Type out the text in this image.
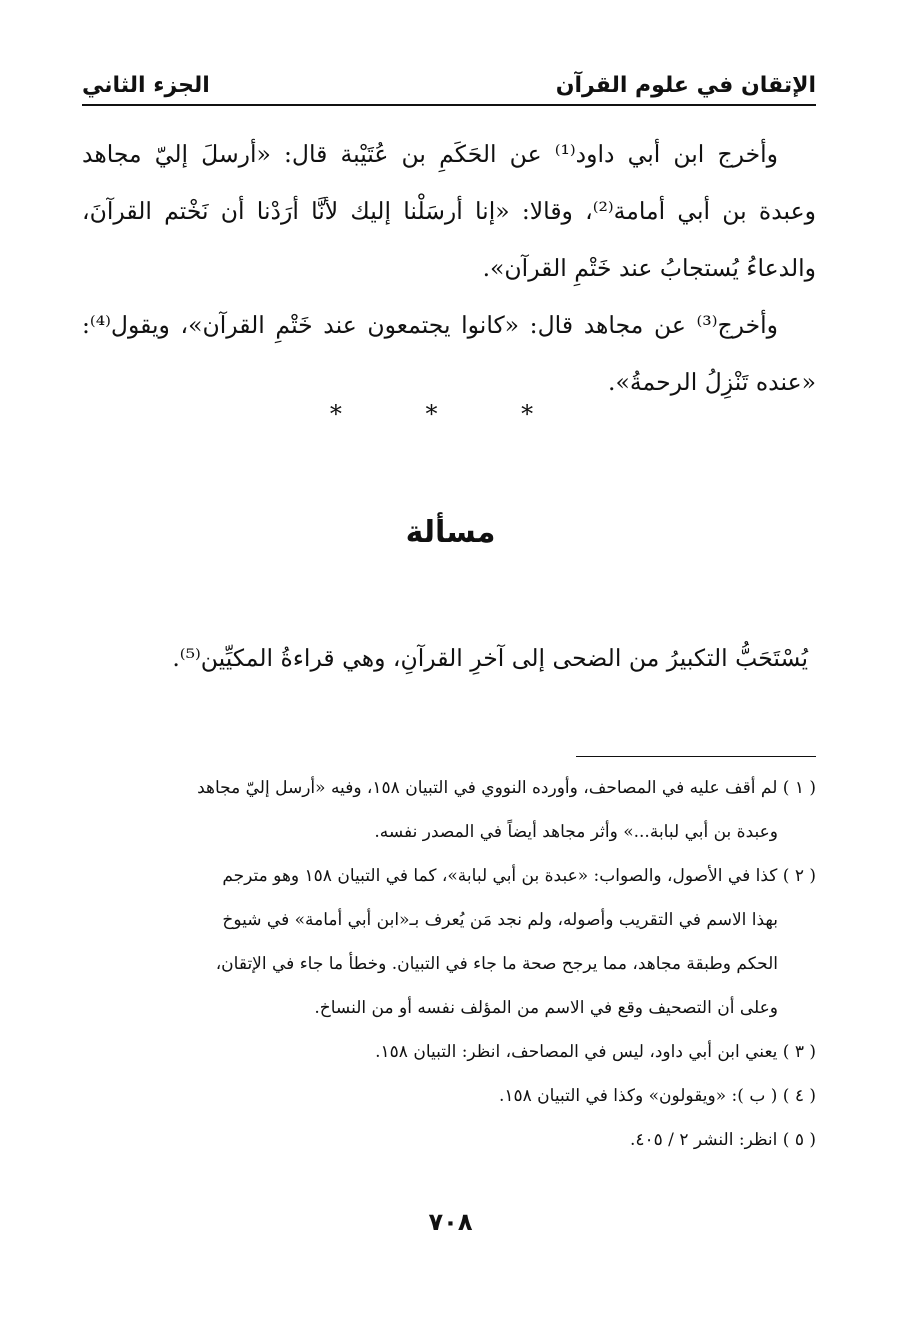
الإتقان في علوم القرآن
الجزء الثاني

وأخرج ابن أبي داود⁽¹⁾ عن الحَكَمِ بن عُتَيْبة قال: «أرسلَ إليّ مجاهد وعبدة بن أبي أمامة⁽²⁾، وقالا: «إنا أرسَلْنا إليك لأنَّا أرَدْنا أن نَخْتم القرآنَ، والدعاءُ يُستجابُ عند خَتْمِ القرآن».

وأخرج⁽³⁾ عن مجاهد قال: «كانوا يجتمعون عند خَتْمِ القرآن»، ويقول⁽⁴⁾: «عنده تَنْزِلُ الرحمةُ».

* * *
مسألة
يُسْتَحَبُّ التكبيرُ من الضحى إلى آخرِ القرآنِ، وهي قراءةُ المكيِّين⁽⁵⁾.

( ١ ) لم أقف عليه في المصاحف، وأورده النووي في التبيان ١٥٨، وفيه «أرسل إليّ مجاهد

وعبدة بن أبي لبابة...» وأثر مجاهد أيضاً في المصدر نفسه.

( ٢ ) كذا في الأصول، والصواب: «عبدة بن أبي لبابة»، كما في التبيان ١٥٨ وهو مترجم

بهذا الاسم في التقريب وأصوله، ولم نجد مَن يُعرف بـ«ابن أبي أمامة» في شيوخ

الحكم وطبقة مجاهد، مما يرجح صحة ما جاء في التبيان. وخطأ ما جاء في الإتقان،

وعلى أن التصحيف وقع في الاسم من المؤلف نفسه أو من النساخ.

( ٣ ) يعني ابن أبي داود، ليس في المصاحف، انظر: التبيان ١٥٨.

( ٤ ) ( ب ): «ويقولون» وكذا في التبيان ١٥٨.

( ٥ ) انظر: النشر ٢ / ٤٠٥.

٧٠٨
